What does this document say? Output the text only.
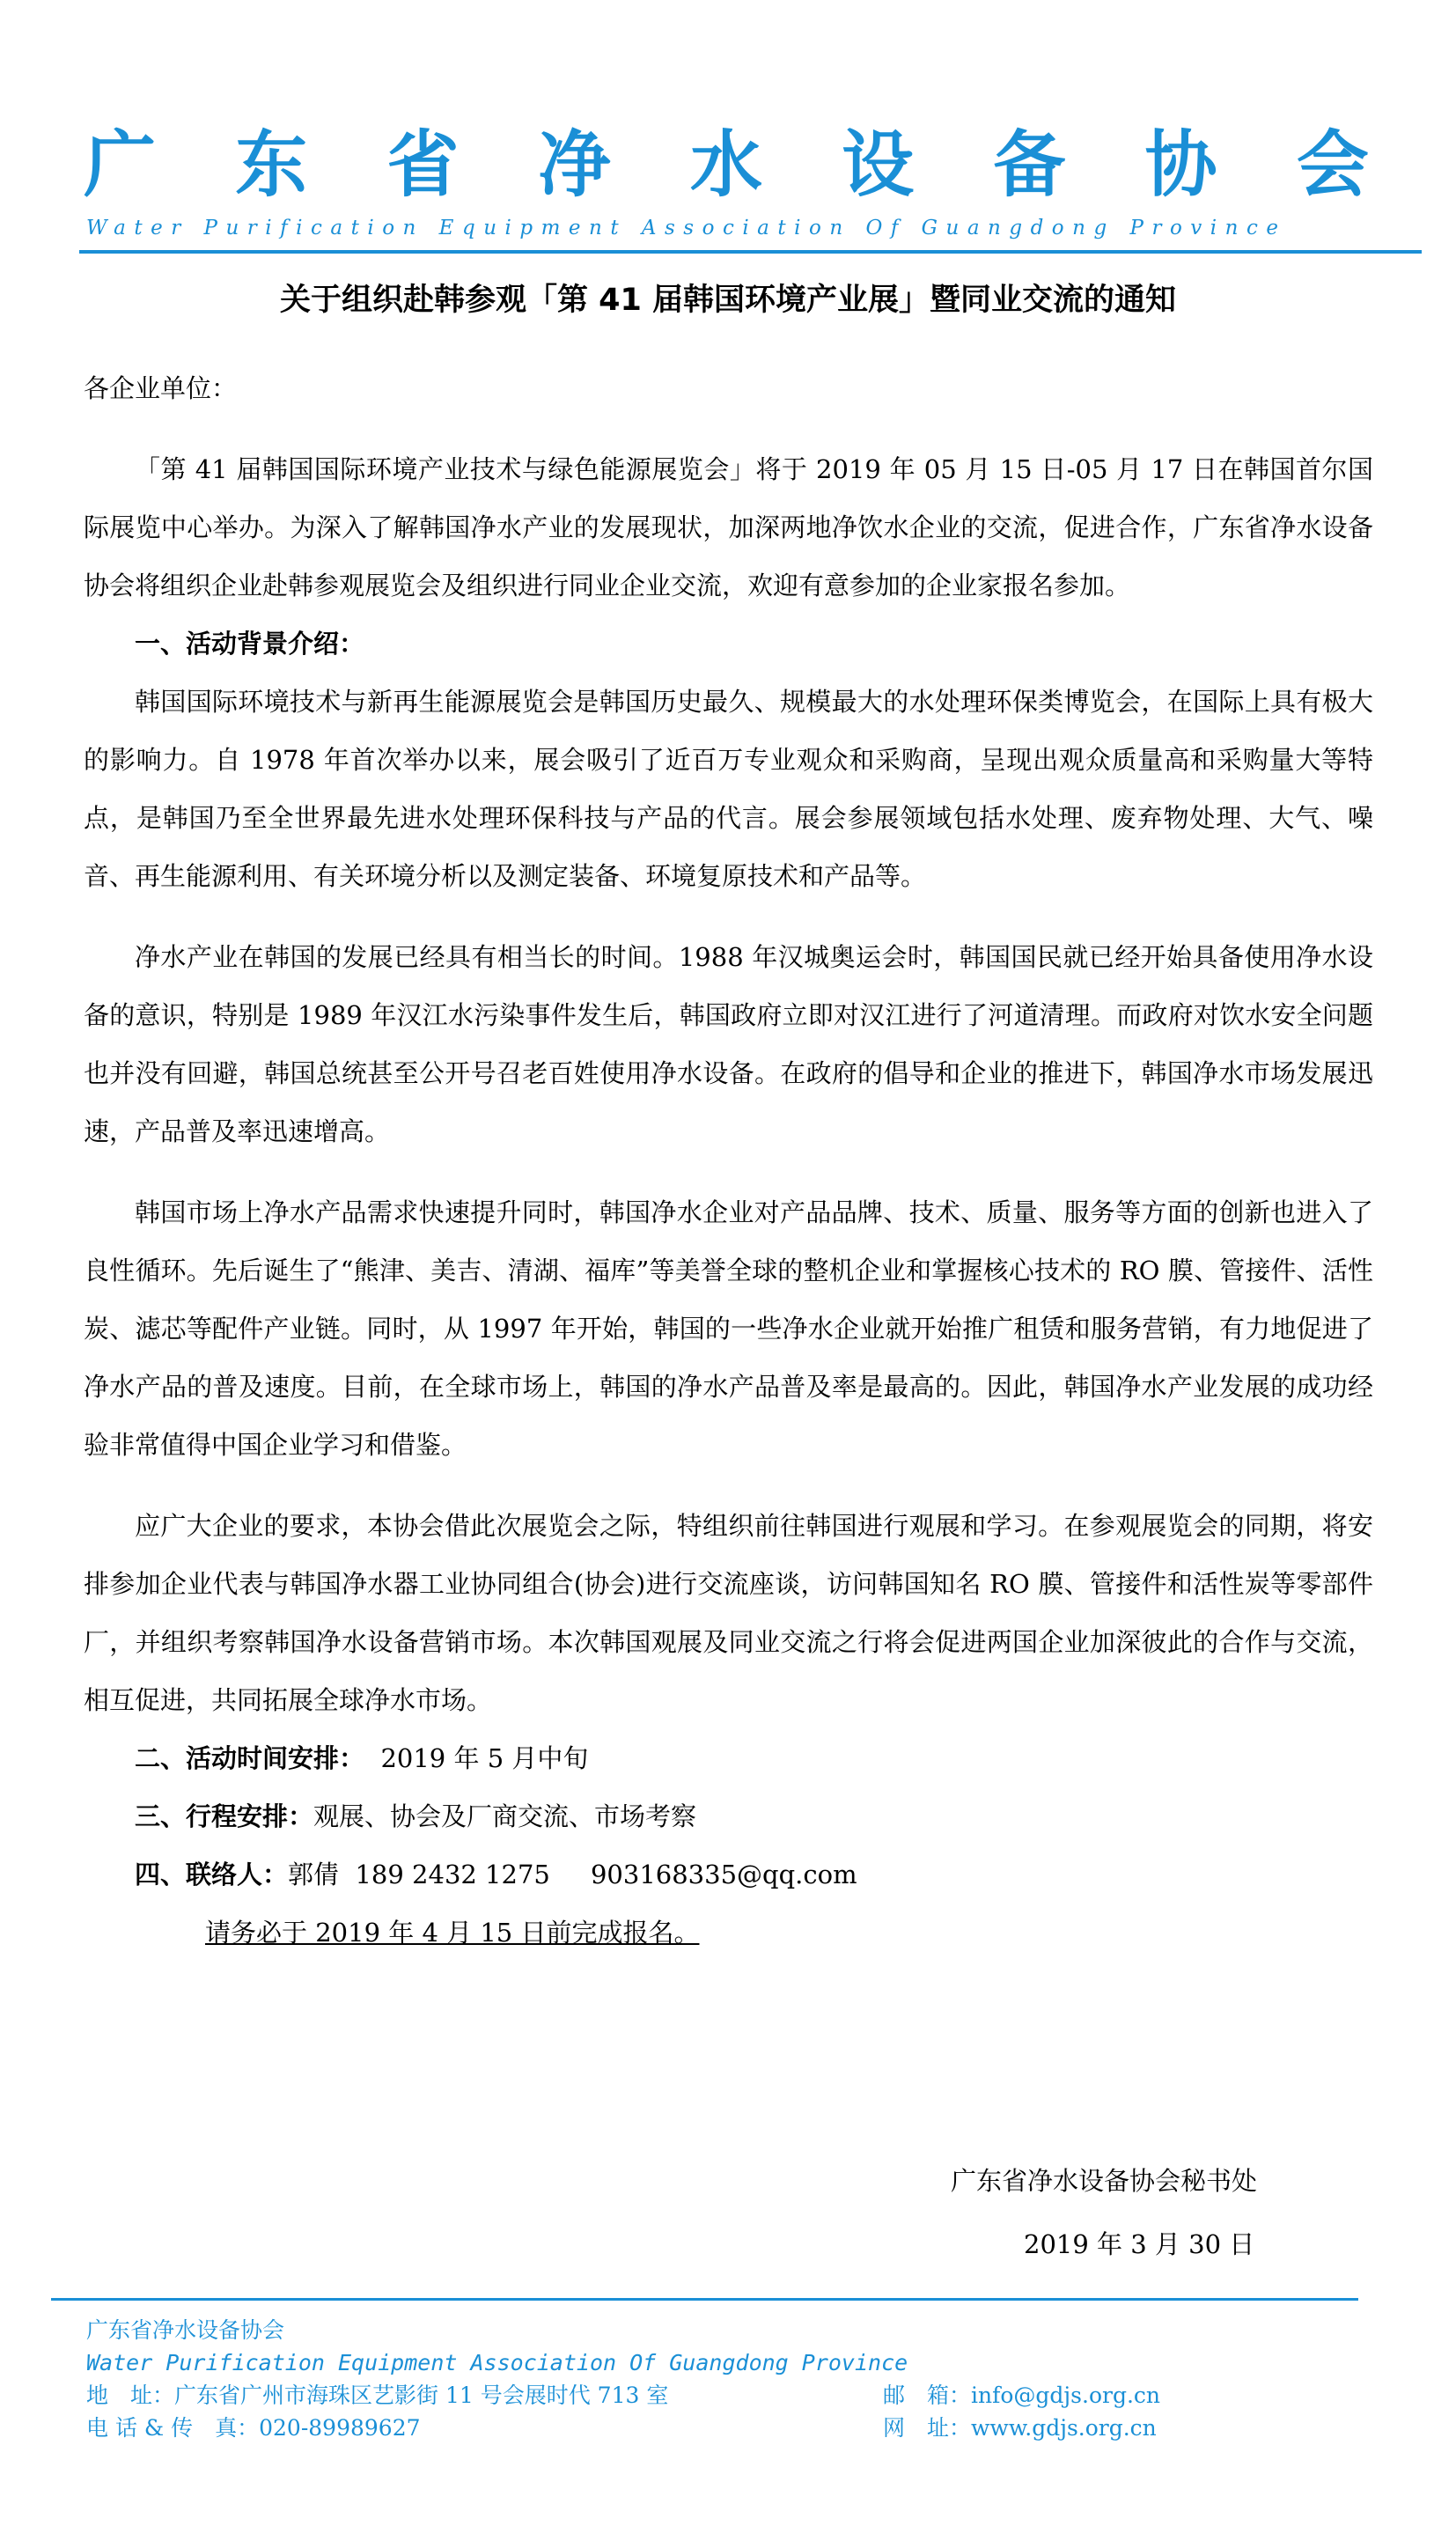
广 东 省 净 水 设 备 协 会
Water Purification Equipment Association Of Guangdong Province
关于组织赴韩参观「第 41 届韩国环境产业展」暨同业交流的通知

各企业单位：

「第 41 届韩国国际环境产业技术与绿色能源展览会」将于 2019 年 05 月 15 日-05 月 17 日在韩国首尔国际展览中心举办。为深入了解韩国净水产业的发展现状，加深两地净饮水企业的交流，促进合作，广东省净水设备协会将组织企业赴韩参观展览会及组织进行同业企业交流，欢迎有意参加的企业家报名参加。

一、活动背景介绍：

韩国国际环境技术与新再生能源展览会是韩国历史最久、规模最大的水处理环保类博览会，在国际上具有极大的影响力。自 1978 年首次举办以来，展会吸引了近百万专业观众和采购商，呈现出观众质量高和采购量大等特点，是韩国乃至全世界最先进水处理环保科技与产品的代言。展会参展领域包括水处理、废弃物处理、大气、噪音、再生能源利用、有关环境分析以及测定装备、环境复原技术和产品等。

净水产业在韩国的发展已经具有相当长的时间。1988 年汉城奥运会时，韩国国民就已经开始具备使用净水设备的意识，特别是 1989 年汉江水污染事件发生后，韩国政府立即对汉江进行了河道清理。而政府对饮水安全问题也并没有回避，韩国总统甚至公开号召老百姓使用净水设备。在政府的倡导和企业的推进下，韩国净水市场发展迅速，产品普及率迅速增高。

韩国市场上净水产品需求快速提升同时，韩国净水企业对产品品牌、技术、质量、服务等方面的创新也进入了良性循环。先后诞生了“熊津、美吉、清湖、福库”等美誉全球的整机企业和掌握核心技术的 RO 膜、管接件、活性炭、滤芯等配件产业链。同时，从 1997 年开始，韩国的一些净水企业就开始推广租赁和服务营销，有力地促进了净水产品的普及速度。目前，在全球市场上，韩国的净水产品普及率是最高的。因此，韩国净水产业发展的成功经验非常值得中国企业学习和借鉴。

应广大企业的要求，本协会借此次展览会之际，特组织前往韩国进行观展和学习。在参观展览会的同期，将安排参加企业代表与韩国净水器工业协同组合(协会)进行交流座谈，访问韩国知名 RO 膜、管接件和活性炭等零部件厂，并组织考察韩国净水设备营销市场。本次韩国观展及同业交流之行将会促进两国企业加深彼此的合作与交流，相互促进，共同拓展全球净水市场。

二、活动时间安排： 2019 年 5 月中旬

三、行程安排：观展、协会及厂商交流、市场考察

四、联络人：郭倩 189 2432 1275 903168335@qq.com

请务必于 2019 年 4 月 15 日前完成报名。

广东省净水设备协会秘书处
2019 年 3 月 30 日
广东省净水设备协会
Water Purification Equipment Association Of Guangdong Province
地　址：广东省广州市海珠区艺影街 11 号会展时代 713 室
电 话 & 传　真：020-89989627
邮　箱：info@gdjs.org.cn
网　址：www.gdjs.org.cn
